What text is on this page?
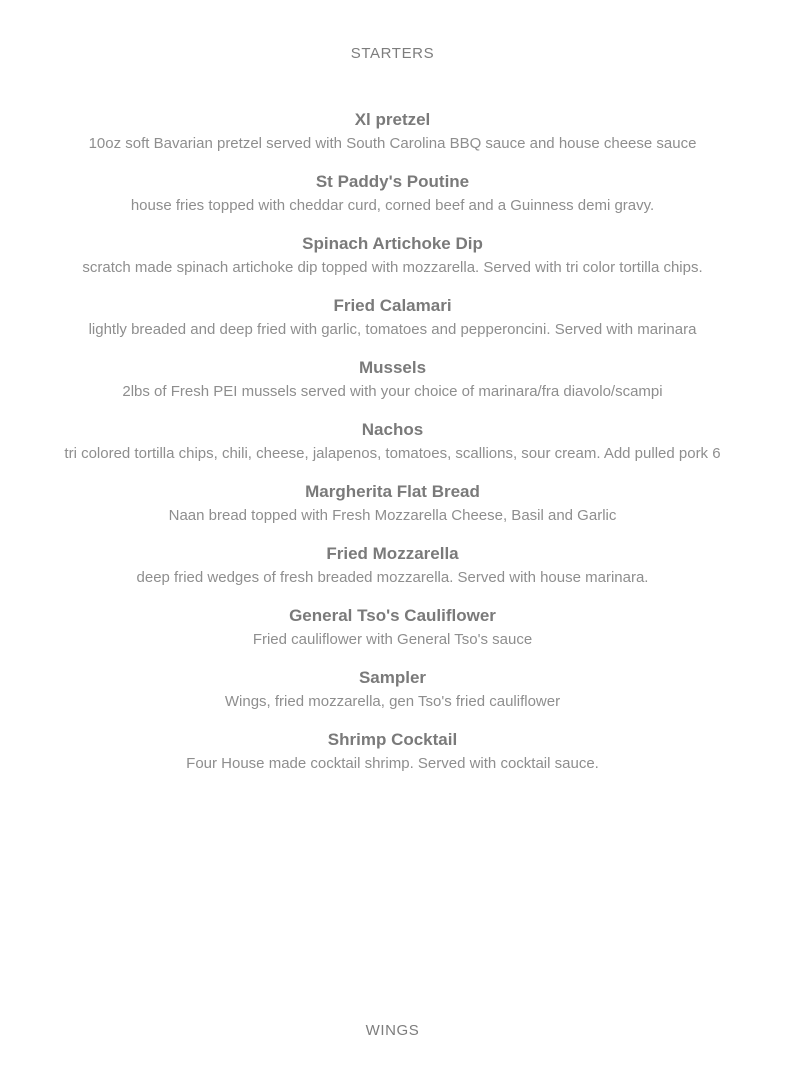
STARTERS

Xl pretzel

10oz soft Bavarian pretzel served with South Carolina BBQ sauce and house cheese sauce

St Paddy's Poutine

house fries topped with cheddar curd, corned beef and a Guinness demi gravy.

Spinach Artichoke Dip

scratch made spinach artichoke dip topped with mozzarella. Served with tri color tortilla chips.

Fried Calamari

lightly breaded and deep fried with garlic, tomatoes and pepperoncini. Served with marinara

Mussels

2lbs of Fresh PEI mussels served with your choice of marinara/fra diavolo/scampi

Nachos

tri colored tortilla chips, chili, cheese, jalapenos, tomatoes, scallions, sour cream. Add pulled pork 6

Margherita Flat Bread

Naan bread topped with Fresh Mozzarella Cheese, Basil and Garlic

Fried Mozzarella

deep fried wedges of fresh breaded mozzarella. Served with house marinara.

General Tso's Cauliflower

Fried cauliflower with General Tso's sauce

Sampler

Wings, fried mozzarella, gen Tso's fried cauliflower

Shrimp Cocktail

Four House made cocktail shrimp. Served with cocktail sauce.

WINGS
